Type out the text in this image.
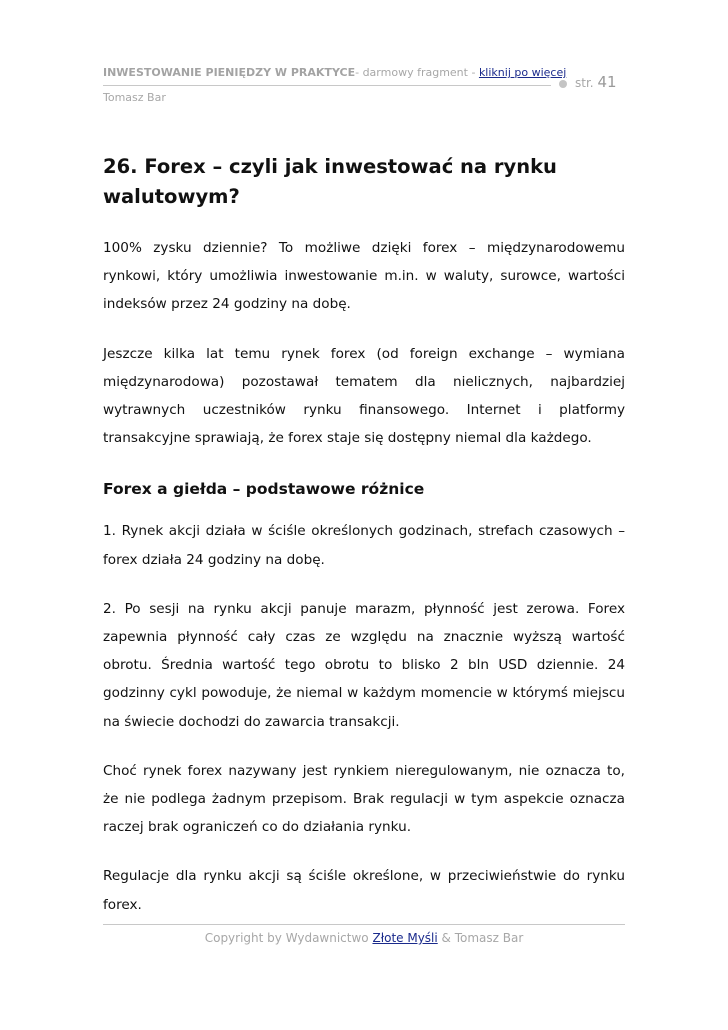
INWESTOWANIE PIENIĘDZY W PRAKTYCE- darmowy fragment - kliknij po więcej
str. 41
Tomasz Bar
26. Forex – czyli jak inwestować na rynku walutowym?

100% zysku dziennie? To możliwe dzięki forex – międzynarodowemu rynkowi, który umożliwia inwestowanie m.in. w waluty, surowce, wartości indeksów przez 24 godziny na dobę.

Jeszcze kilka lat temu rynek forex (od foreign exchange – wymiana międzynarodowa) pozostawał tematem dla nielicznych, najbardziej wytrawnych uczestników rynku finansowego. Internet i platformy transakcyjne sprawiają, że forex staje się dostępny niemal dla każdego.

Forex a giełda – podstawowe różnice

1. Rynek akcji działa w ściśle określonych godzinach, strefach czasowych – forex działa 24 godziny na dobę.

2. Po sesji na rynku akcji panuje marazm, płynność jest zerowa. Forex zapewnia płynność cały czas ze względu na znacznie wyższą wartość obrotu. Średnia wartość tego obrotu to blisko 2 bln USD dziennie. 24 godzinny cykl powoduje, że niemal w każdym momencie w którymś miejscu na świecie dochodzi do zawarcia transakcji.

Choć rynek forex nazywany jest rynkiem nieregulowanym, nie oznacza to, że nie podlega żadnym przepisom. Brak regulacji w tym aspekcie oznacza raczej brak ograniczeń co do działania rynku.

Regulacje dla rynku akcji są ściśle określone, w przeciwieństwie do rynku forex.

Copyright by Wydawnictwo Złote Myśli & Tomasz Bar
